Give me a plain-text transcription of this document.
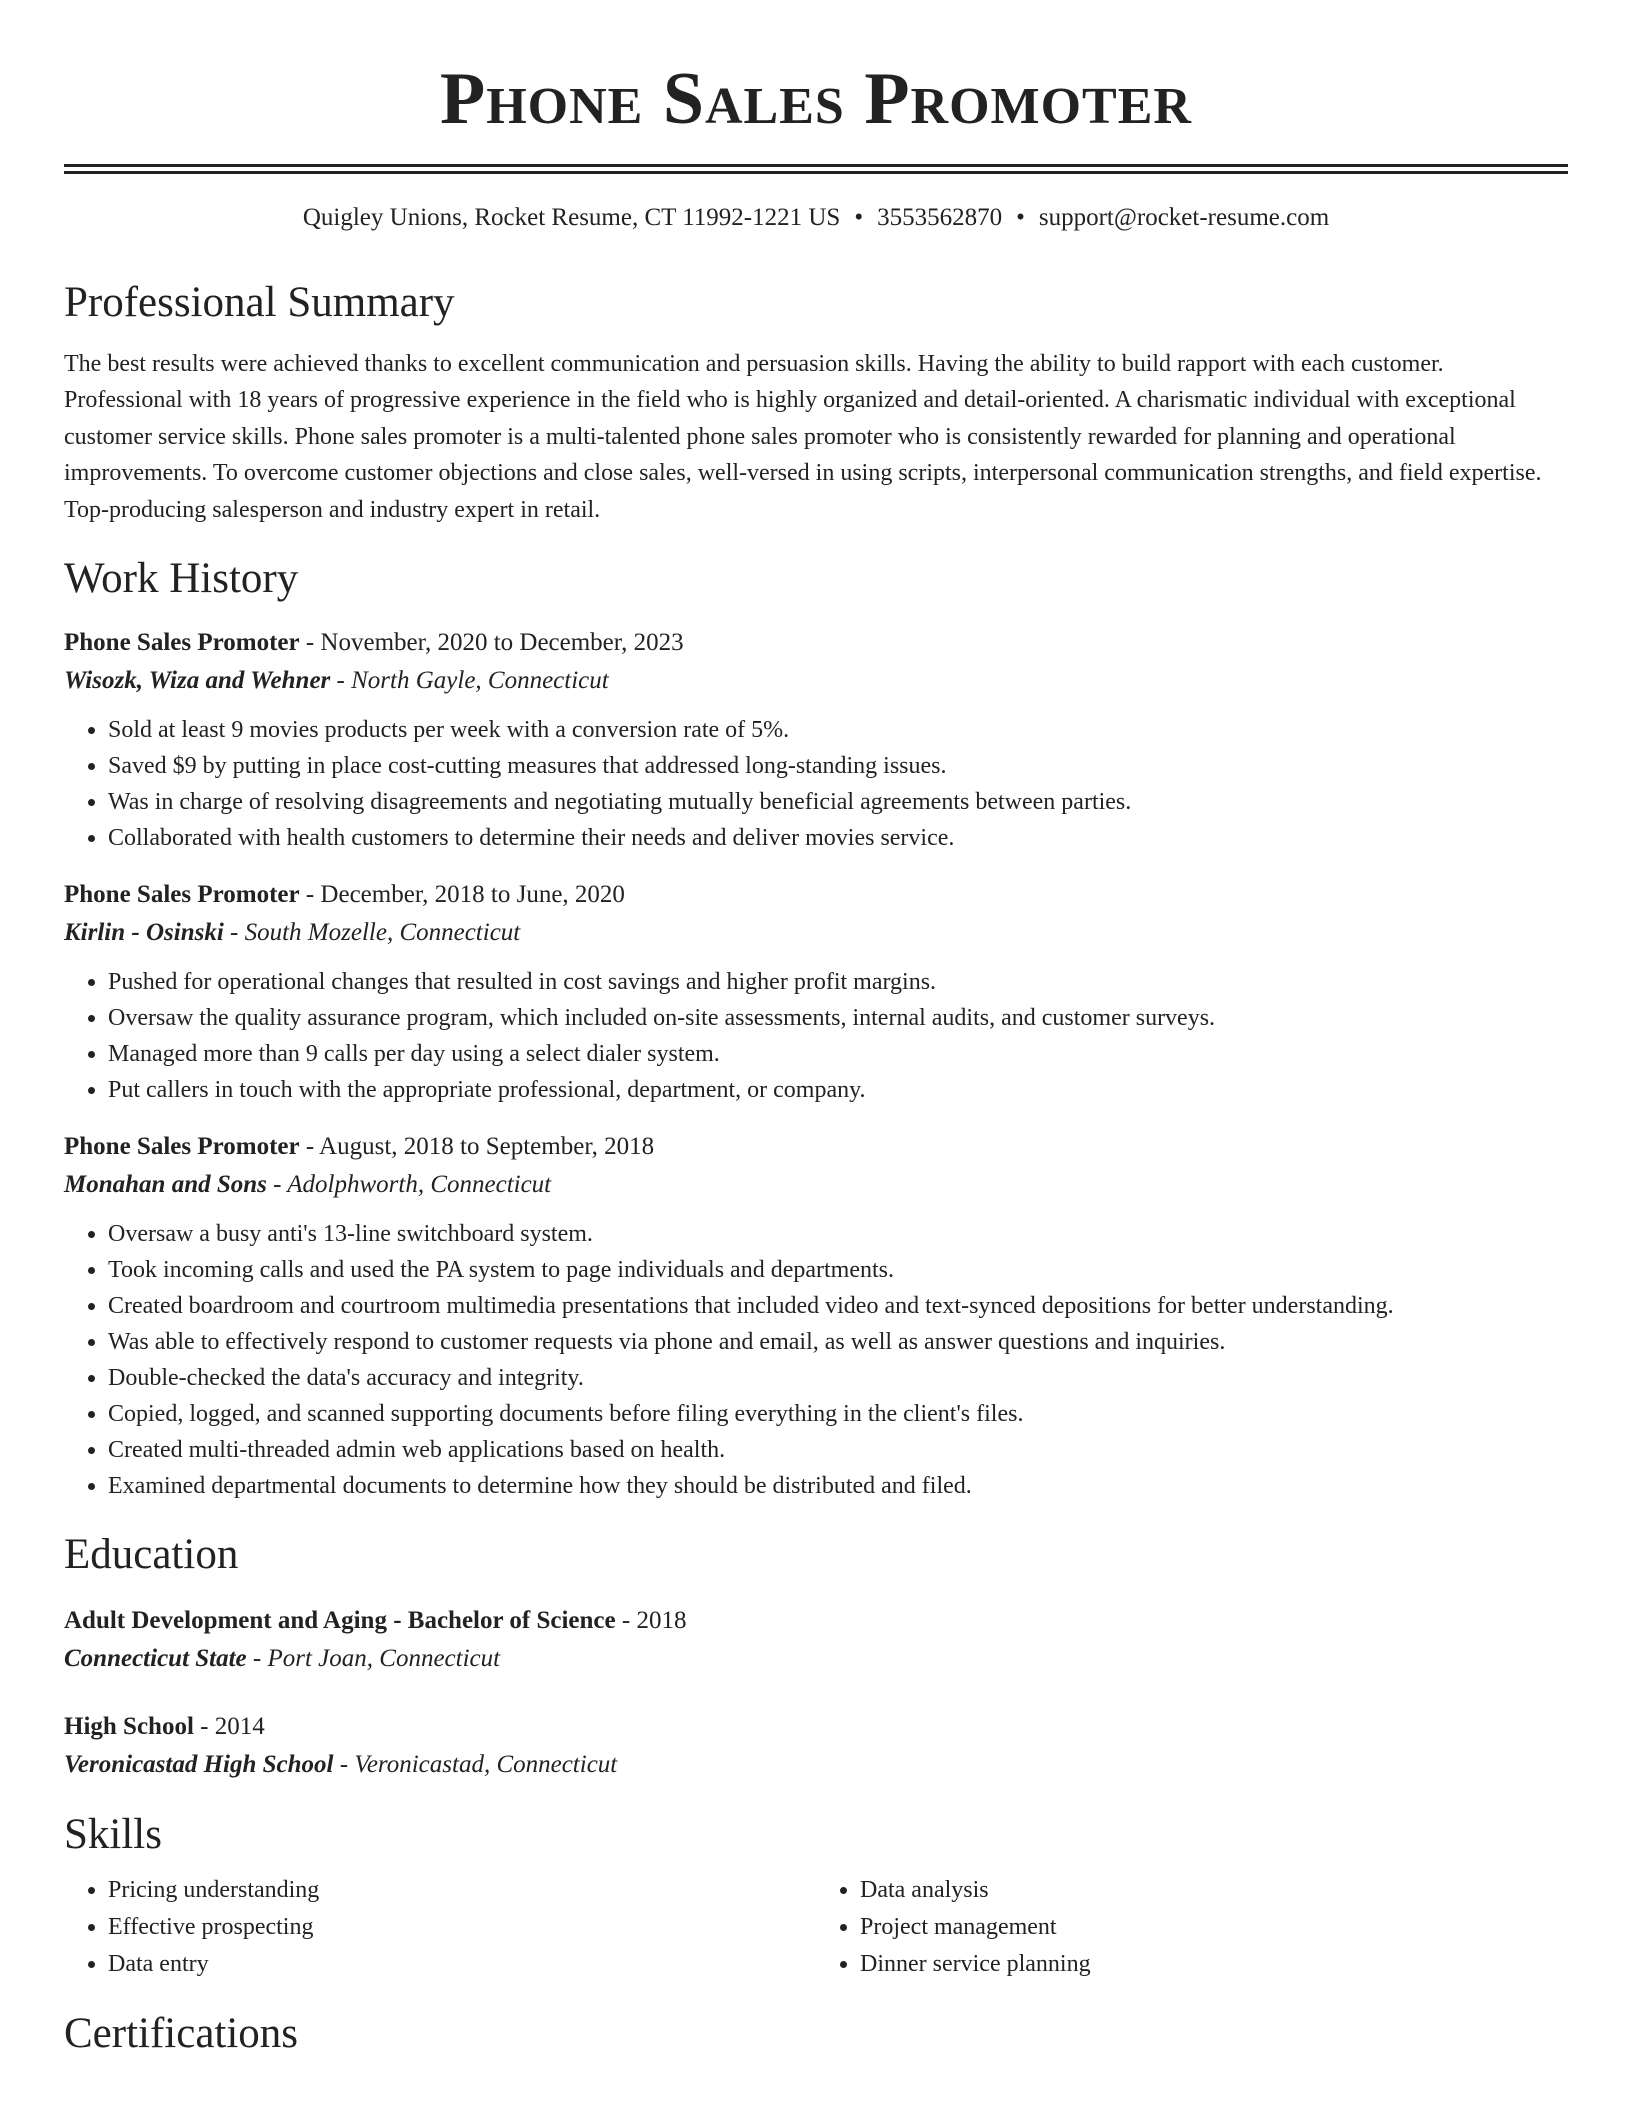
Phone Sales Promoter
Quigley Unions, Rocket Resume, CT 11992-1221 US • 3553562870 • support@rocket-resume.com
Professional Summary
The best results were achieved thanks to excellent communication and persuasion skills. Having the ability to build rapport with each customer. Professional with 18 years of progressive experience in the field who is highly organized and detail-oriented. A charismatic individual with exceptional customer service skills. Phone sales promoter is a multi-talented phone sales promoter who is consistently rewarded for planning and operational improvements. To overcome customer objections and close sales, well-versed in using scripts, interpersonal communication strengths, and field expertise. Top-producing salesperson and industry expert in retail.
Work History
Phone Sales Promoter - November, 2020 to December, 2023
Wisozk, Wiza and Wehner - North Gayle, Connecticut
• Sold at least 9 movies products per week with a conversion rate of 5%.
• Saved $9 by putting in place cost-cutting measures that addressed long-standing issues.
• Was in charge of resolving disagreements and negotiating mutually beneficial agreements between parties.
• Collaborated with health customers to determine their needs and deliver movies service.
Phone Sales Promoter - December, 2018 to June, 2020
Kirlin - Osinski - South Mozelle, Connecticut
• Pushed for operational changes that resulted in cost savings and higher profit margins.
• Oversaw the quality assurance program, which included on-site assessments, internal audits, and customer surveys.
• Managed more than 9 calls per day using a select dialer system.
• Put callers in touch with the appropriate professional, department, or company.
Phone Sales Promoter - August, 2018 to September, 2018
Monahan and Sons - Adolphworth, Connecticut
• Oversaw a busy anti's 13-line switchboard system.
• Took incoming calls and used the PA system to page individuals and departments.
• Created boardroom and courtroom multimedia presentations that included video and text-synced depositions for better understanding.
• Was able to effectively respond to customer requests via phone and email, as well as answer questions and inquiries.
• Double-checked the data's accuracy and integrity.
• Copied, logged, and scanned supporting documents before filing everything in the client's files.
• Created multi-threaded admin web applications based on health.
• Examined departmental documents to determine how they should be distributed and filed.
Education
Adult Development and Aging - Bachelor of Science - 2018
Connecticut State - Port Joan, Connecticut
High School - 2014
Veronicastad High School - Veronicastad, Connecticut
Skills
• Pricing understanding
• Effective prospecting
• Data entry
• Data analysis
• Project management
• Dinner service planning
Certifications
